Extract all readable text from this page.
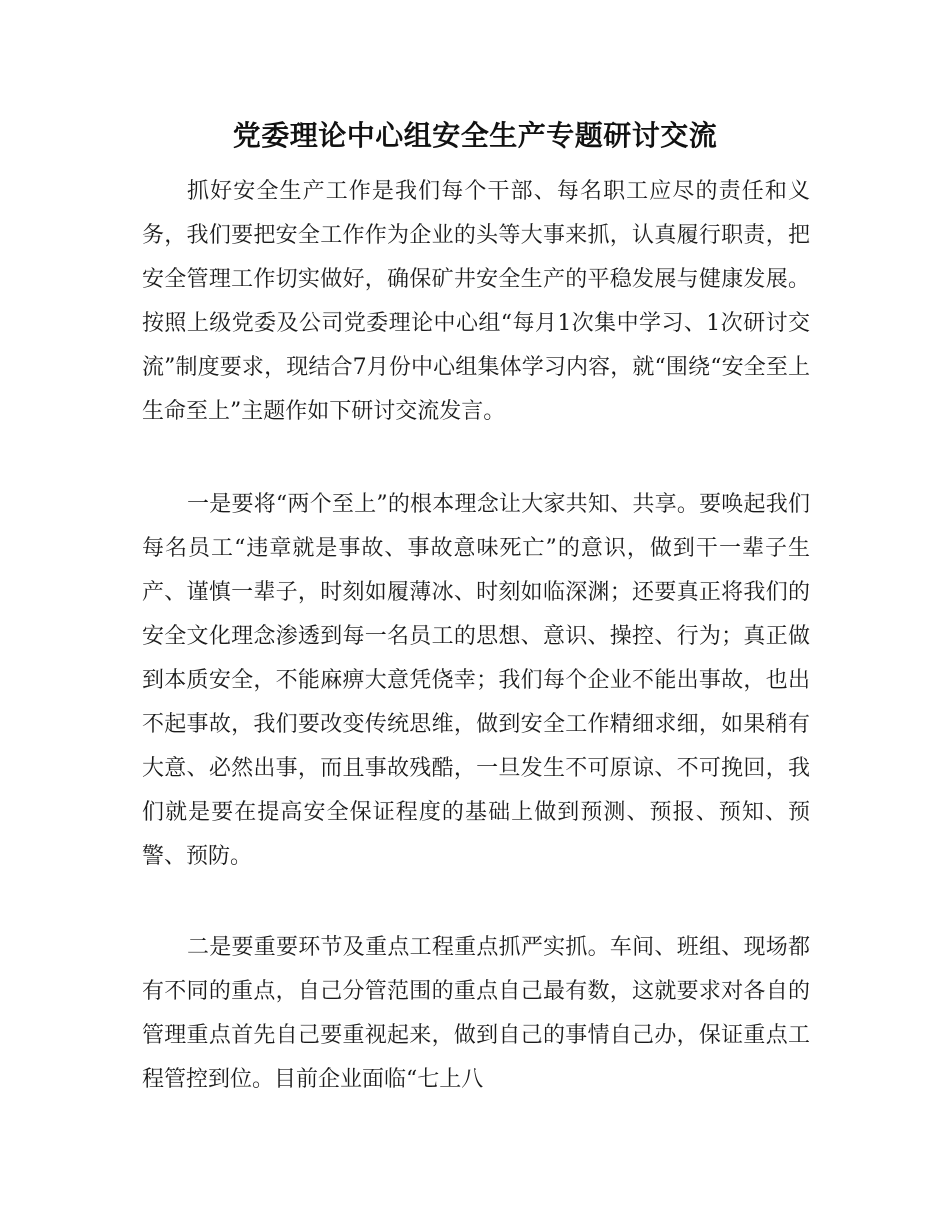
党委理论中心组安全生产专题研讨交流

抓好安全生产工作是我们每个干部、每名职工应尽的责任和义务，我们要把安全工作作为企业的头等大事来抓，认真履行职责，把安全管理工作切实做好，确保矿井安全生产的平稳发展与健康发展。按照上级党委及公司党委理论中心组“每月1次集中学习、1次研讨交流”制度要求，现结合7月份中心组集体学习内容，就“围绕“安全至上生命至上”主题作如下研讨交流发言。

一是要将“两个至上”的根本理念让大家共知、共享。要唤起我们每名员工“违章就是事故、事故意味死亡”的意识，做到干一辈子生产、谨慎一辈子，时刻如履薄冰、时刻如临深渊；还要真正将我们的安全文化理念渗透到每一名员工的思想、意识、操控、行为；真正做到本质安全，不能麻痹大意凭侥幸；我们每个企业不能出事故，也出不起事故，我们要改变传统思维，做到安全工作精细求细，如果稍有大意、必然出事，而且事故残酷，一旦发生不可原谅、不可挽回，我们就是要在提高安全保证程度的基础上做到预测、预报、预知、预警、预防。

二是要重要环节及重点工程重点抓严实抓。车间、班组、现场都有不同的重点，自己分管范围的重点自己最有数，这就要求对各自的管理重点首先自己要重视起来，做到自己的事情自己办，保证重点工程管控到位。目前企业面临“七上八
